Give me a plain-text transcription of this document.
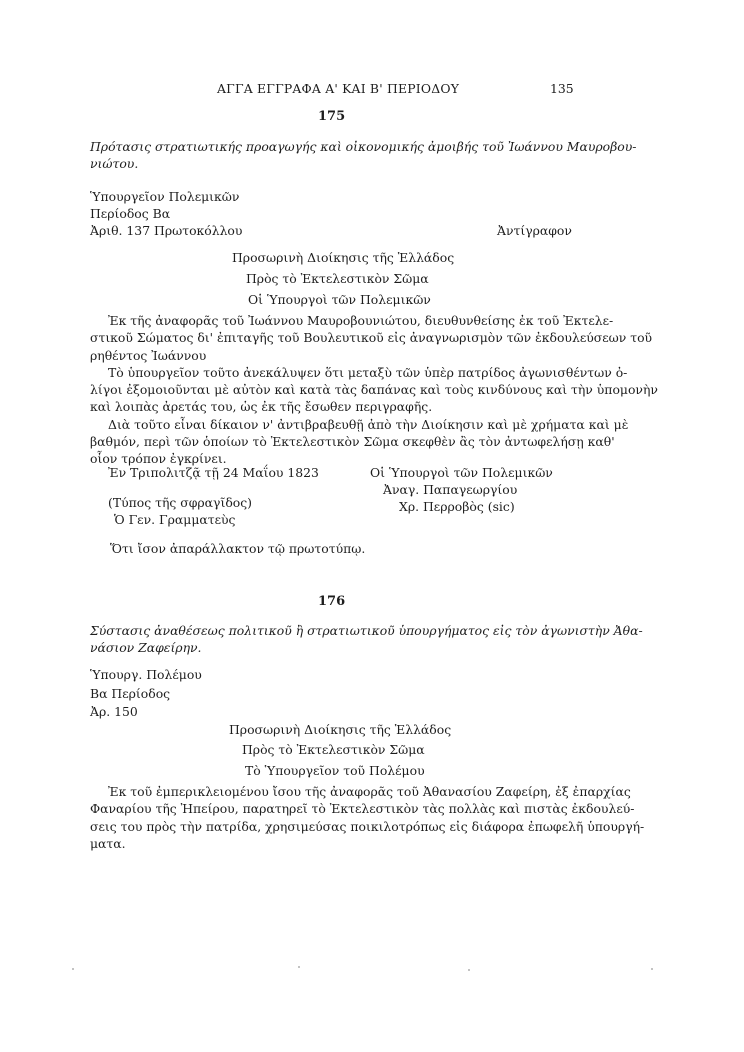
ΑΓΓΑ ΕΓΓΡΑΦΑ Α' ΚΑΙ Β' ΠΕΡΙΟΔΟΥ	135
175
Πρότασις στρατιωτικής προαγωγής καὶ οἰκονομικής ἀμοιβής τοῦ Ἰωάννου Μαυροβου-
νιώτου.
Ὑπουργεῖον Πολεμικῶν
Περίοδος Βα
Ἀριθ. 137 Πρωτοκόλλου	Ἀντίγραφον
Προσωρινὴ Διοίκησις τῆς Ἑλλάδος
Πρὸς τὸ Ἐκτελεστικὸν Σῶμα
Οἱ Ὑπουργοὶ τῶν Πολεμικῶν
Ἐκ τῆς ἀναφορᾶς τοῦ Ἰωάννου Μαυροβουνιώτου, διευθυνθείσης ἐκ τοῦ Ἐκτελε-
στικοῦ Σώματος δι' ἐπιταγῆς τοῦ Βουλευτικοῦ εἰς ἀναγνωρισμὸν τῶν ἐκδουλεύσεων τοῦ
ρηθέντος Ἰωάννου
Τὸ ὑπουργεῖον τοῦτο ἀνεκάλυψεν ὅτι μεταξὺ τῶν ὑπὲρ πατρίδος ἀγωνισθέντων ὀ-
λίγοι ἐξομοιοῦνται μὲ αὐτὸν καὶ κατὰ τὰς δαπάνας καὶ τοὺς κινδύνους καὶ τὴν ὑπομονὴν
καὶ λοιπὰς ἀρετάς του, ὡς ἐκ τῆς ἔσωθεν περιγραφῆς.
Διὰ τοῦτο εἶναι δίκαιον ν' ἀντιβραβευθῇ ἀπὸ τὴν Διοίκησιν καὶ μὲ χρήματα καὶ μὲ
βαθμόν, περὶ τῶν ὁποίων τὸ Ἐκτελεστικὸν Σῶμα σκεφθὲν ἂς τὸν ἀντωφελήσῃ καθ'
οἷον τρόπον ἐγκρίνει.
Ἐν Τριπολιτζᾷ τῇ 24 Μαΐου 1823	Οἱ Ὑπουργοὶ τῶν Πολεμικῶν
Ἀναγ. Παπαγεωργίου
Χρ. Περροβὸς (sic)
(Τύπος τῆς σφραγῖδος)
Ὁ Γεν. Γραμματεὺς
Ὅτι ἴσον ἀπαράλλακτον τῷ πρωτοτύπῳ.
176
Σύστασις ἀναθέσεως πολιτικοῦ ἢ στρατιωτικοῦ ὑπουργήματος εἰς τὸν ἀγωνιστὴν Ἀθα-
νάσιον Ζαφείρην.
Ὑπουργ. Πολέμου
Βα Περίοδος
Ἀρ. 150
Προσωρινὴ Διοίκησις τῆς Ἑλλάδος
Πρὸς τὸ Ἐκτελεστικὸν Σῶμα
Τὸ Ὑπουργεῖον τοῦ Πολέμου
Ἐκ τοῦ ἐμπερικλειομένου ἴσου τῆς ἀναφορᾶς τοῦ Ἀθανασίου Ζαφείρη, ἐξ ἐπαρχίας
Φαναρίου τῆς Ἠπείρου, παρατηρεῖ τὸ Ἐκτελεστικὸν τὰς πολλὰς καὶ πιστὰς ἐκδουλεύ-
σεις του πρὸς τὴν πατρίδα, χρησιμεύσας ποικιλοτρόπως εἰς διάφορα ἐπωφελῆ ὑπουργή-
ματα.
